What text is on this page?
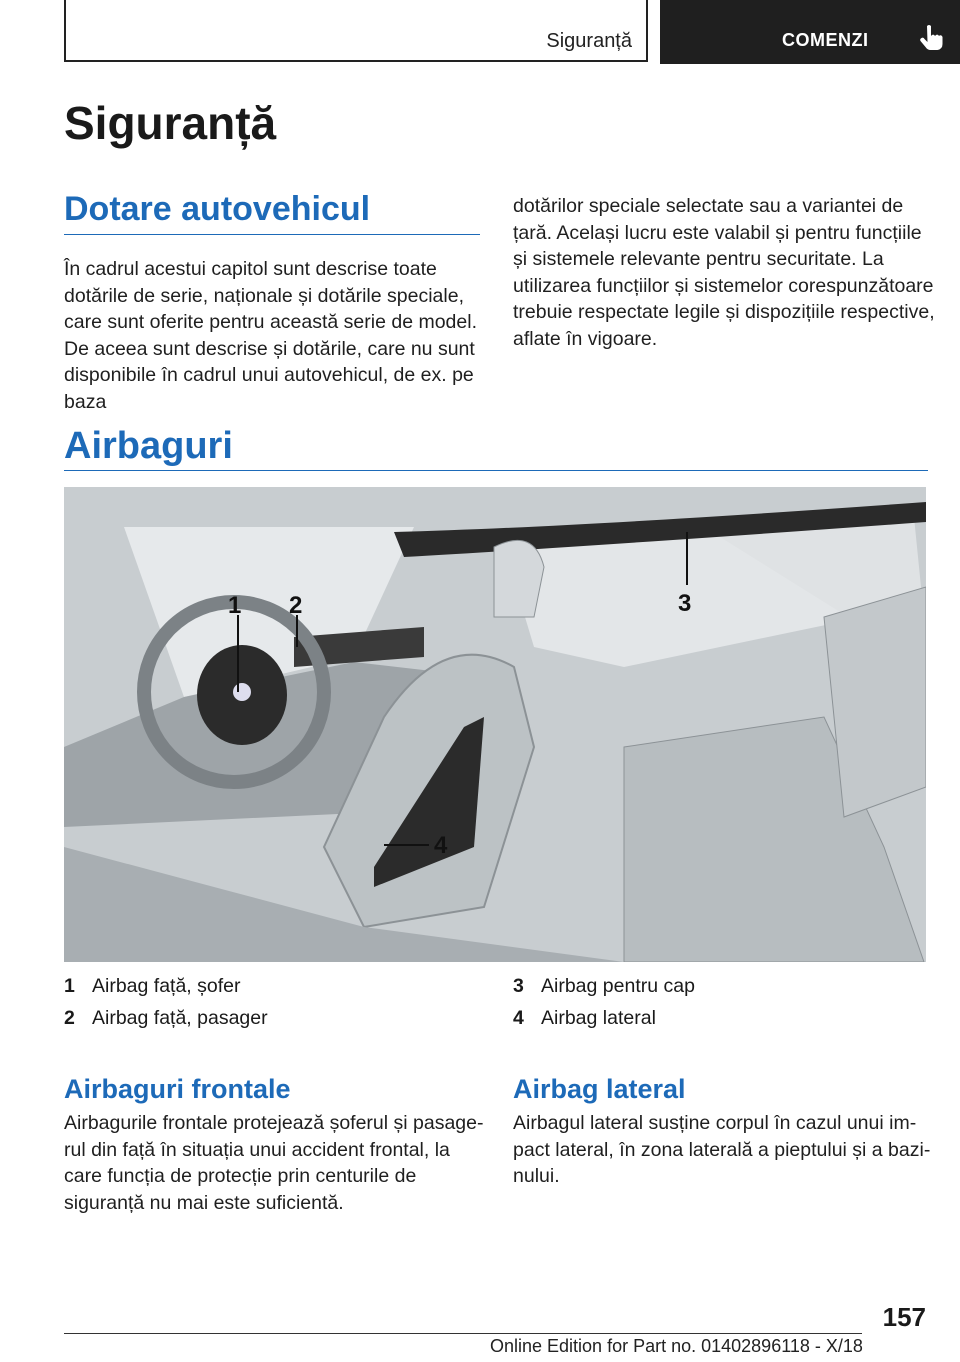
Siguranță	COMENZI
Siguranță
Dotare autovehicul

În cadrul acestui capitol sunt descrise toate dotările de serie, naționale și dotările speciale, care sunt oferite pentru această serie de model. De aceea sunt descrise și dotările, care nu sunt disponibile în cadrul unui autovehicul, de ex. pe baza

dotărilor speciale selectate sau a variantei de țară. Același lucru este valabil și pentru funcțiile și sistemele relevante pentru securitate. La utilizarea funcțiilor și sistemelor corespunzătoare trebuie respectate legile și dispozițiile respective, aflate în vigoare.

Airbaguri
1 2	3
4
1 Airbag față, șofer
2 Airbag față, pasager
3 Airbag pentru cap
4 Airbag lateral
Airbaguri frontale

Airbagurile frontale protejează șoferul și pasagerul din față în situația unui accident frontal, la care funcția de protecție prin centurile de siguranță nu mai este suficientă.

Airbag lateral

Airbagul lateral susține corpul în cazul unui impact lateral, în zona laterală a pieptului și a bazinului.

157
Online Edition for Part no. 01402896118 - X/18
